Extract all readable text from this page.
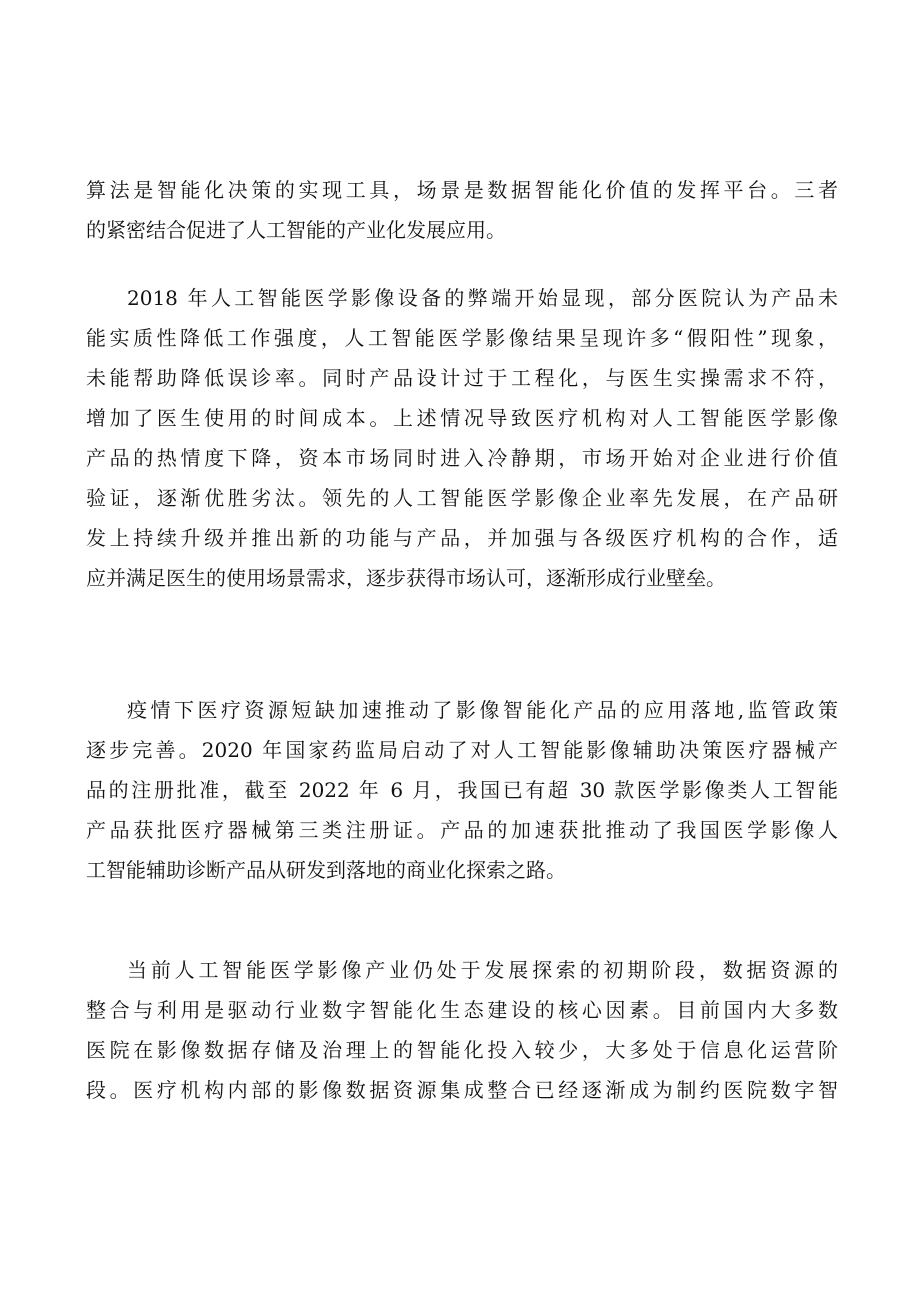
算法是智能化决策的实现工具，场景是数据智能化价值的发挥平台。三者
的紧密结合促进了人工智能的产业化发展应用。
2018 年人工智能医学影像设备的弊端开始显现，部分医院认为产品未
能实质性降低工作强度，人工智能医学影像结果呈现许多“假阳性”现象，
未能帮助降低误诊率。同时产品设计过于工程化，与医生实操需求不符，
增加了医生使用的时间成本。上述情况导致医疗机构对人工智能医学影像
产品的热情度下降，资本市场同时进入冷静期，市场开始对企业进行价值
验证，逐渐优胜劣汰。领先的人工智能医学影像企业率先发展，在产品研
发上持续升级并推出新的功能与产品，并加强与各级医疗机构的合作，适
应并满足医生的使用场景需求，逐步获得市场认可，逐渐形成行业壁垒。
疫情下医疗资源短缺加速推动了影像智能化产品的应用落地,监管政策
逐步完善。2020 年国家药监局启动了对人工智能影像辅助决策医疗器械产
品的注册批准，截至 2022 年 6 月，我国已有超 30 款医学影像类人工智能
产品获批医疗器械第三类注册证。产品的加速获批推动了我国医学影像人
工智能辅助诊断产品从研发到落地的商业化探索之路。
当前人工智能医学影像产业仍处于发展探索的初期阶段，数据资源的
整合与利用是驱动行业数字智能化生态建设的核心因素。目前国内大多数
医院在影像数据存储及治理上的智能化投入较少，大多处于信息化运营阶
段。医疗机构内部的影像数据资源集成整合已经逐渐成为制约医院数字智
